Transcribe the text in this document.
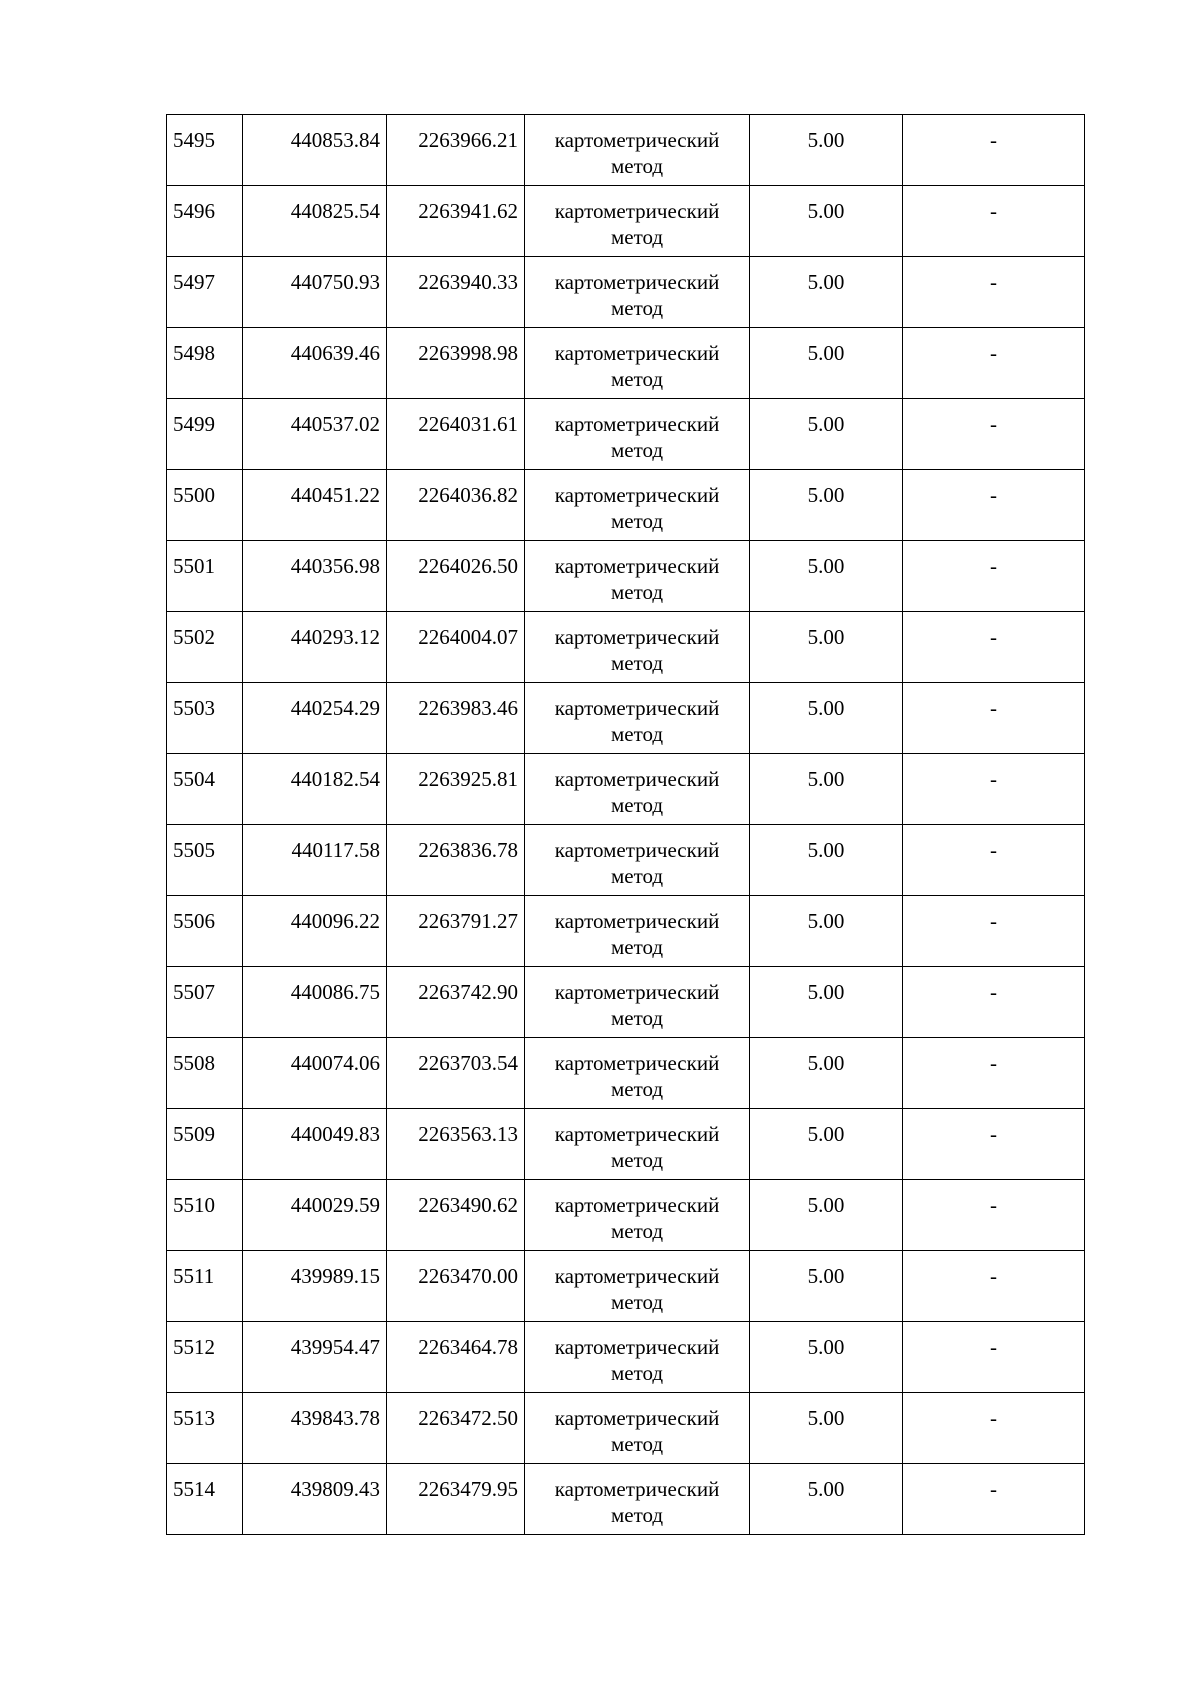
5495	440853.84	2263966.21	картометрический метод	5.00	-
5496	440825.54	2263941.62	картометрический метод	5.00	-
5497	440750.93	2263940.33	картометрический метод	5.00	-
5498	440639.46	2263998.98	картометрический метод	5.00	-
5499	440537.02	2264031.61	картометрический метод	5.00	-
5500	440451.22	2264036.82	картометрический метод	5.00	-
5501	440356.98	2264026.50	картометрический метод	5.00	-
5502	440293.12	2264004.07	картометрический метод	5.00	-
5503	440254.29	2263983.46	картометрический метод	5.00	-
5504	440182.54	2263925.81	картометрический метод	5.00	-
5505	440117.58	2263836.78	картометрический метод	5.00	-
5506	440096.22	2263791.27	картометрический метод	5.00	-
5507	440086.75	2263742.90	картометрический метод	5.00	-
5508	440074.06	2263703.54	картометрический метод	5.00	-
5509	440049.83	2263563.13	картометрический метод	5.00	-
5510	440029.59	2263490.62	картометрический метод	5.00	-
5511	439989.15	2263470.00	картометрический метод	5.00	-
5512	439954.47	2263464.78	картометрический метод	5.00	-
5513	439843.78	2263472.50	картометрический метод	5.00	-
5514	439809.43	2263479.95	картометрический метод	5.00	-
